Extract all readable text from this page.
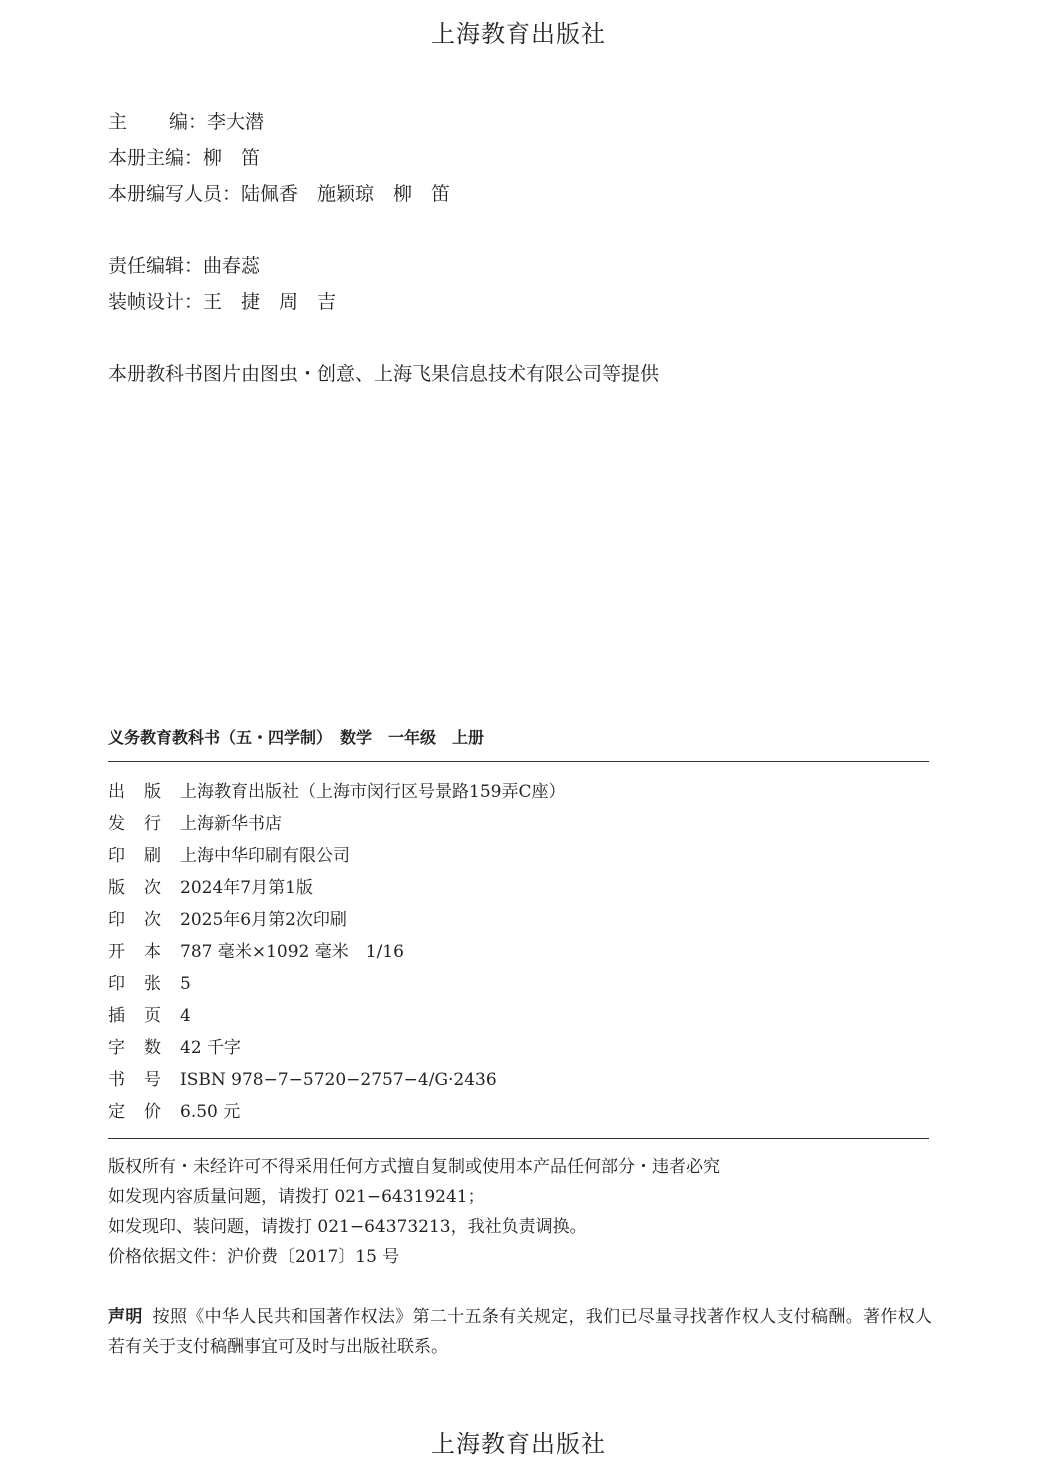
上海教育出版社
主 编：李大潜
本册主编：柳　笛
本册编写人员：陆佩香　施颖琼　柳　笛
责任编辑：曲春蕊
装帧设计：王　捷　周　吉
本册教科书图片由图虫・创意、上海飞果信息技术有限公司等提供
义务教育教科书（五・四学制）　数学　一年级　上册
出 版 上海教育出版社（上海市闵行区号景路159弄C座）
发 行 上海新华书店
印 刷 上海中华印刷有限公司
版 次 2024年7月第1版
印 次 2025年6月第2次印刷
开 本 787 毫米×1092 毫米　1/16
印 张 5
插 页 4
字 数 42 千字
书 号 ISBN 978−7−5720−2757−4/G·2436
定 价 6.50 元
版权所有・未经许可不得采用任何方式擅自复制或使用本产品任何部分・违者必究
如发现内容质量问题，请拨打 021−64319241；
如发现印、装问题，请拨打 021−64373213，我社负责调换。
价格依据文件：沪价费〔2017〕15 号
声明 按照《中华人民共和国著作权法》第二十五条有关规定，我们已尽量寻找著作权人支付稿酬。著作权人若有关于支付稿酬事宜可及时与出版社联系。
上海教育出版社
